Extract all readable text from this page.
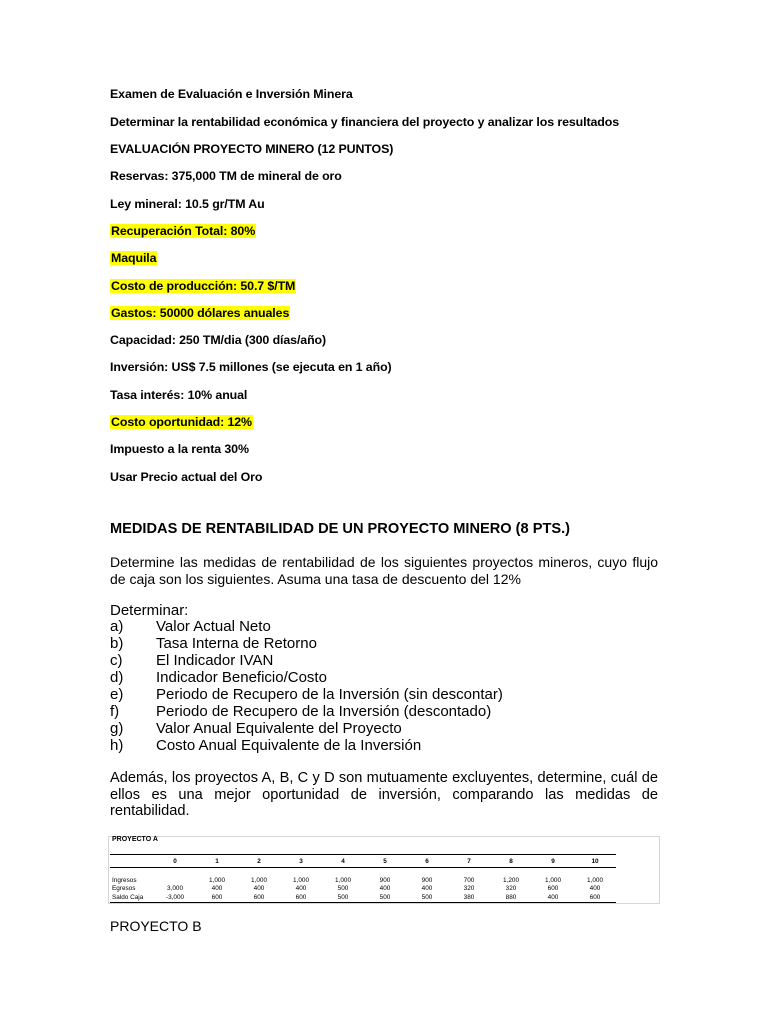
Examen de Evaluación e Inversión Minera
Determinar la rentabilidad económica y financiera del proyecto y analizar los resultados
EVALUACIÓN PROYECTO MINERO (12 PUNTOS)
Reservas: 375,000 TM de mineral de oro
Ley mineral: 10.5 gr/TM Au
Recuperación Total: 80%
Maquila
Costo de producción: 50.7 $/TM
Gastos: 50000 dólares anuales
Capacidad: 250 TM/dia (300 días/año)
Inversión: US$ 7.5 millones (se ejecuta en 1 año)
Tasa interés: 10% anual
Costo oportunidad: 12%
Impuesto a la renta 30%
Usar Precio actual del Oro
MEDIDAS DE RENTABILIDAD DE UN PROYECTO MINERO (8 PTS.)
Determine las medidas de rentabilidad de los siguientes proyectos mineros, cuyo flujo de caja son los siguientes. Asuma una tasa de descuento del 12%
Determinar:
a) Valor Actual Neto
b) Tasa Interna de Retorno
c) El Indicador IVAN
d) Indicador Beneficio/Costo
e) Periodo de Recupero de la Inversión (sin descontar)
f) Periodo de Recupero de la Inversión (descontado)
g) Valor Anual Equivalente del Proyecto
h) Costo Anual Equivalente de la Inversión
Además, los proyectos A, B, C y D son mutuamente excluyentes, determine, cuál de ellos es una mejor oportunidad de inversión, comparando las medidas de rentabilidad.
PROYECTO A
	0	1	2	3	4	5	6	7	8	9	10

Ingresos		1,000	1,000	1,000	1,000	900	900	700	1,200	1,000	1,000
Egresos	3,000	400	400	400	500	400	400	320	320	600	400
Saldo Caja	-3,000	600	600	600	500	500	500	380	880	400	600
PROYECTO B
